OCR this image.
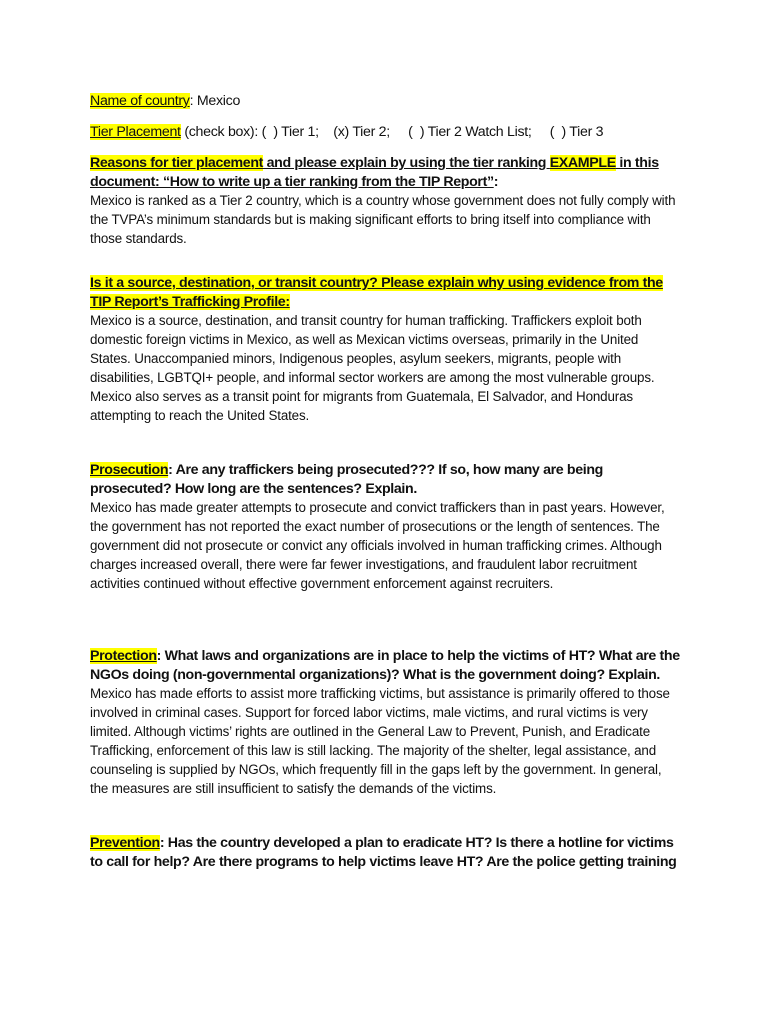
Name of country: Mexico
Tier Placement (check box): (  ) Tier 1;    (x) Tier 2;     (  ) Tier 2 Watch List;     (  ) Tier 3
Reasons for tier placement and please explain by using the tier ranking EXAMPLE in this document: “How to write up a tier ranking from the TIP Report”:

Mexico is ranked as a Tier 2 country, which is a country whose government does not fully comply with the TVPA’s minimum standards but is making significant efforts to bring itself into compliance with those standards.

Is it a source, destination, or transit country? Please explain why using evidence from the TIP Report’s Trafficking Profile:

Mexico is a source, destination, and transit country for human trafficking. Traffickers exploit both domestic foreign victims in Mexico, as well as Mexican victims overseas, primarily in the United States. Unaccompanied minors, Indigenous peoples, asylum seekers, migrants, people with disabilities, LGBTQI+ people, and informal sector workers are among the most vulnerable groups. Mexico also serves as a transit point for migrants from Guatemala, El Salvador, and Honduras attempting to reach the United States.

Prosecution: Are any traffickers being prosecuted??? If so, how many are being prosecuted? How long are the sentences? Explain.

Mexico has made greater attempts to prosecute and convict traffickers than in past years. However, the government has not reported the exact number of prosecutions or the length of sentences. The government did not prosecute or convict any officials involved in human trafficking crimes. Although charges increased overall, there were far fewer investigations, and fraudulent labor recruitment activities continued without effective government enforcement against recruiters.

Protection: What laws and organizations are in place to help the victims of HT? What are the NGOs doing (non-governmental organizations)? What is the government doing? Explain.

Mexico has made efforts to assist more trafficking victims, but assistance is primarily offered to those involved in criminal cases. Support for forced labor victims, male victims, and rural victims is very limited. Although victims’ rights are outlined in the General Law to Prevent, Punish, and Eradicate Trafficking, enforcement of this law is still lacking. The majority of the shelter, legal assistance, and counseling is supplied by NGOs, which frequently fill in the gaps left by the government. In general, the measures are still insufficient to satisfy the demands of the victims.

Prevention: Has the country developed a plan to eradicate HT? Is there a hotline for victims to call for help? Are there programs to help victims leave HT? Are the police getting training
